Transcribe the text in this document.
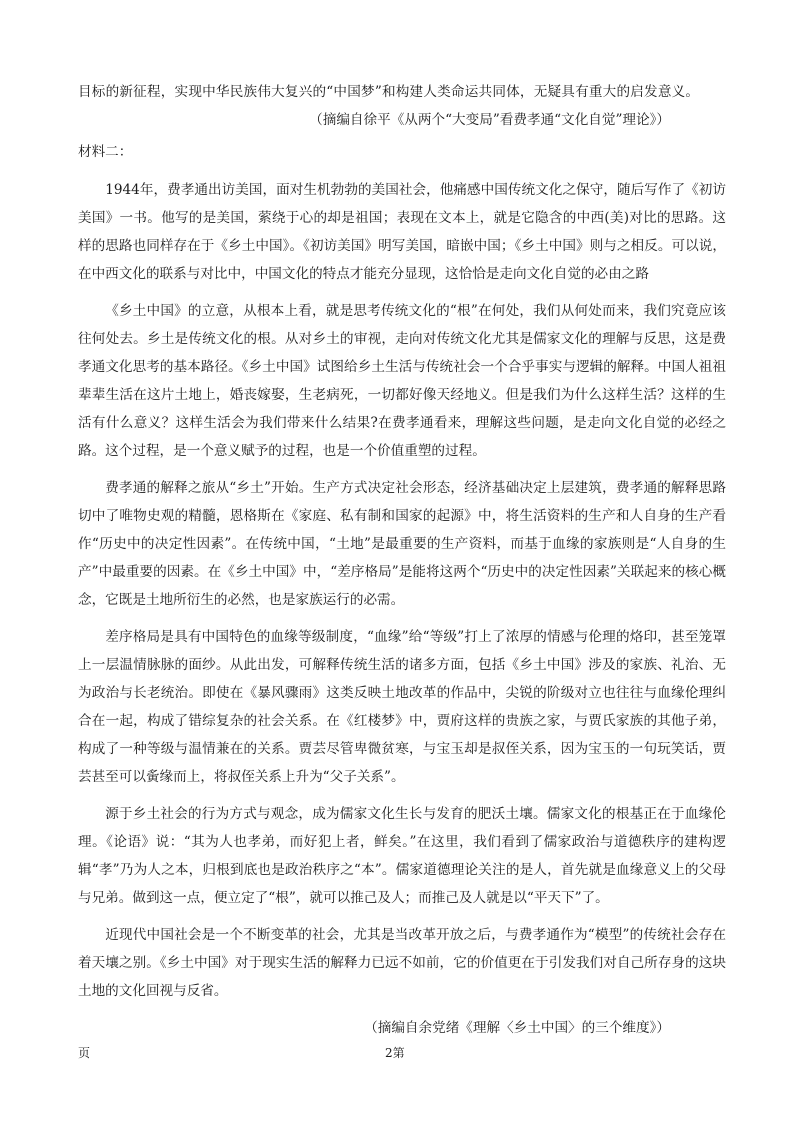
目标的新征程，实现中华民族伟大复兴的“中国梦”和构建人类命运共同体，无疑具有重大的启发意义。

（摘编自徐平《从两个“大变局”看费孝通“文化自觉”理论》）

材料二：

1944年，费孝通出访美国，面对生机勃勃的美国社会，他痛感中国传统文化之保守，随后写作了《初访美国》一书。他写的是美国，萦绕于心的却是祖国；表现在文本上，就是它隐含的中西(美)对比的思路。这样的思路也同样存在于《乡土中国》。《初访美国》明写美国，暗嵌中国；《乡土中国》则与之相反。可以说，在中西文化的联系与对比中，中国文化的特点才能充分显现，这恰恰是走向文化自觉的必由之路

《乡土中国》的立意，从根本上看，就是思考传统文化的“根”在何处，我们从何处而来，我们究竟应该往何处去。乡土是传统文化的根。从对乡土的审视，走向对传统文化尤其是儒家文化的理解与反思，这是费孝通文化思考的基本路径。《乡土中国》试图给乡土生活与传统社会一个合乎事实与逻辑的解释。中国人祖祖辈辈生活在这片土地上，婚丧嫁娶，生老病死，一切都好像天经地义。但是我们为什么这样生活？这样的生活有什么意义？这样生活会为我们带来什么结果?在费孝通看来，理解这些问题，是走向文化自觉的必经之路。这个过程，是一个意义赋予的过程，也是一个价值重塑的过程。

费孝通的解释之旅从“乡土”开始。生产方式决定社会形态，经济基础决定上层建筑，费孝通的解释思路切中了唯物史观的精髓，恩格斯在《家庭、私有制和国家的起源》中，将生活资料的生产和人自身的生产看作“历史中的决定性因素”。在传统中国，“土地”是最重要的生产资料，而基于血缘的家族则是“人自身的生产”中最重要的因素。在《乡土中国》中，“差序格局”是能将这两个“历史中的决定性因素”关联起来的核心概念，它既是土地所衍生的必然，也是家族运行的必需。

差序格局是具有中国特色的血缘等级制度，“血缘”给“等级”打上了浓厚的情感与伦理的烙印，甚至笼罩上一层温情脉脉的面纱。从此出发，可解释传统生活的诸多方面，包括《乡土中国》涉及的家族、礼治、无为政治与长老统治。即使在《暴风骤雨》这类反映土地改革的作品中，尖锐的阶级对立也往往与血缘伦理纠合在一起，构成了错综复杂的社会关系。在《红楼梦》中，贾府这样的贵族之家，与贾氏家族的其他子弟，构成了一种等级与温情兼在的关系。贾芸尽管卑微贫寒，与宝玉却是叔侄关系，因为宝玉的一句玩笑话，贾芸甚至可以夤缘而上，将叔侄关系上升为“父子关系”。

源于乡土社会的行为方式与观念，成为儒家文化生长与发育的肥沃土壤。儒家文化的根基正在于血缘伦理。《论语》说：“其为人也孝弟，而好犯上者，鲜矣。”在这里，我们看到了儒家政治与道德秩序的建构逻辑“孝”乃为人之本，归根到底也是政治秩序之“本”。儒家道德理论关注的是人，首先就是血缘意义上的父母与兄弟。做到这一点，便立定了“根”，就可以推己及人；而推己及人就是以“平天下”了。

近现代中国社会是一个不断变革的社会，尤其是当改革开放之后，与费孝通作为“模型”的传统社会存在着天壤之别。《乡土中国》对于现实生活的解释力已远不如前，它的价值更在于引发我们对自己所存身的这块土地的文化回视与反省。

（摘编自余党绪《理解〈乡土中国〉的三个维度》）

页	2第
